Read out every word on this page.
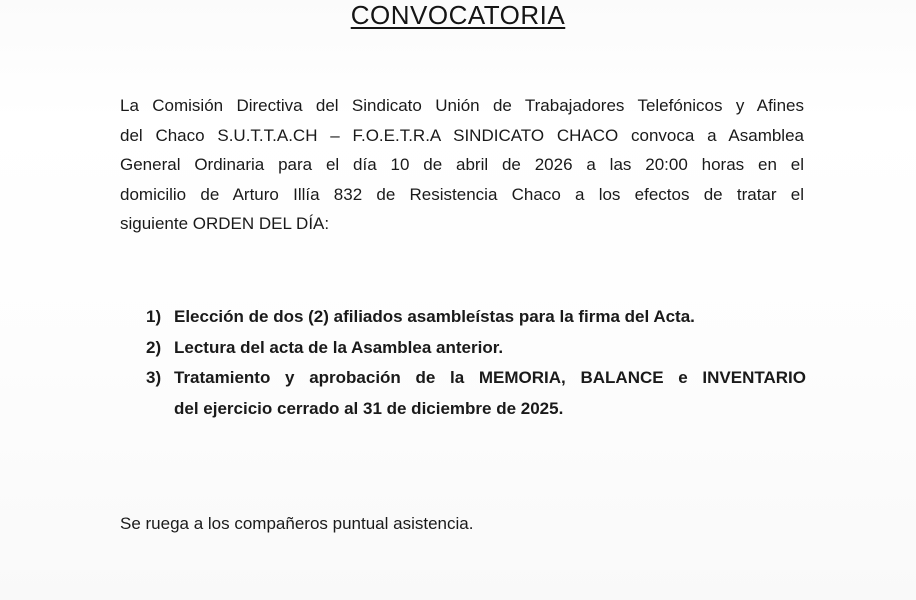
CONVOCATORIA
La Comisión Directiva del Sindicato Unión de Trabajadores Telefónicos y Afines
del Chaco S.U.T.T.A.CH – F.O.E.T.R.A SINDICATO CHACO convoca a Asamblea
General Ordinaria para el día 10 de abril de 2026 a las 20:00 horas en el
domicilio de Arturo Illía 832 de Resistencia Chaco a los efectos de tratar el
siguiente ORDEN DEL DÍA:
1) Elección de dos (2) afiliados asambleístas para la firma del Acta.
2) Lectura del acta de la Asamblea anterior.
3) Tratamiento y aprobación de la MEMORIA, BALANCE e INVENTARIO
del ejercicio cerrado al 31 de diciembre de 2025.
Se ruega a los compañeros puntual asistencia.
